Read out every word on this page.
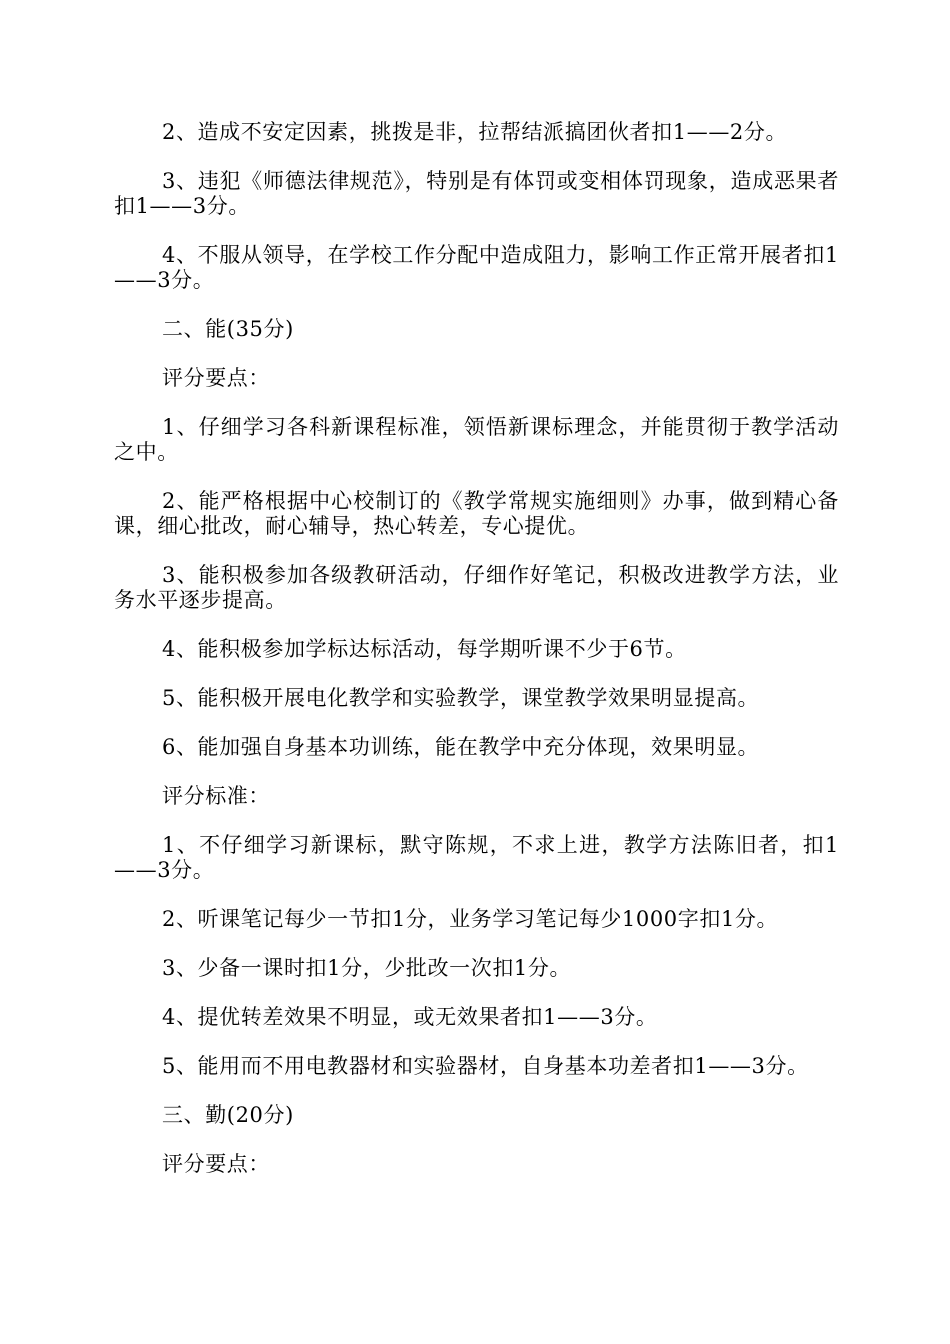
2、造成不安定因素，挑拨是非，拉帮结派搞团伙者扣1——2分。

3、违犯《师德法律规范》，特别是有体罚或变相体罚现象，造成恶果者扣1——3分。

4、不服从领导，在学校工作分配中造成阻力，影响工作正常开展者扣1——3分。

二、能(35分)

评分要点：

1、仔细学习各科新课程标准，领悟新课标理念，并能贯彻于教学活动之中。

2、能严格根据中心校制订的《教学常规实施细则》办事，做到精心备课，细心批改，耐心辅导，热心转差，专心提优。

3、能积极参加各级教研活动，仔细作好笔记，积极改进教学方法，业务水平逐步提高。

4、能积极参加学标达标活动，每学期听课不少于6节。

5、能积极开展电化教学和实验教学，课堂教学效果明显提高。

6、能加强自身基本功训练，能在教学中充分体现，效果明显。

评分标准：

1、不仔细学习新课标，默守陈规，不求上进，教学方法陈旧者，扣1——3分。

2、听课笔记每少一节扣1分，业务学习笔记每少1000字扣1分。

3、少备一课时扣1分，少批改一次扣1分。

4、提优转差效果不明显，或无效果者扣1——3分。

5、能用而不用电教器材和实验器材，自身基本功差者扣1——3分。

三、勤(20分)

评分要点：
